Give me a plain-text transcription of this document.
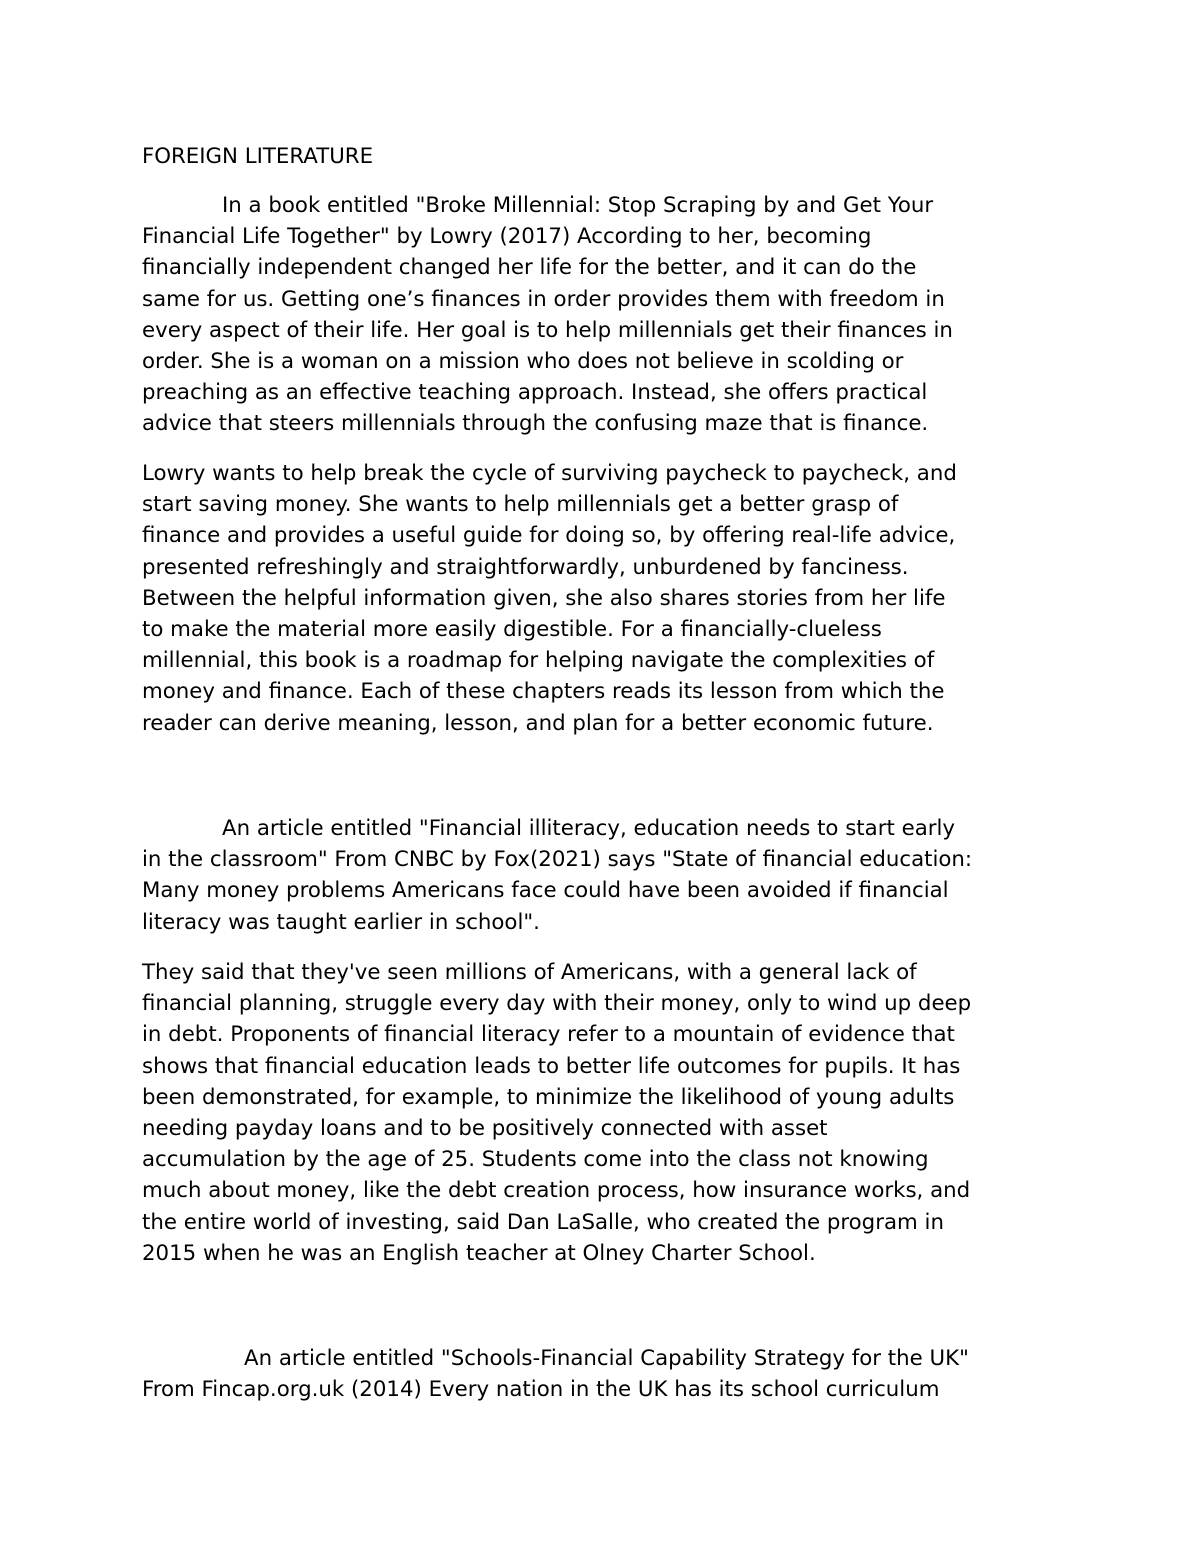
FOREIGN LITERATURE

In a book entitled "Broke Millennial: Stop Scraping by and Get Your
Financial Life Together" by Lowry (2017) According to her, becoming
financially independent changed her life for the better, and it can do the
same for us. Getting one’s finances in order provides them with freedom in
every aspect of their life. Her goal is to help millennials get their finances in
order. She is a woman on a mission who does not believe in scolding or
preaching as an effective teaching approach. Instead, she offers practical
advice that steers millennials through the confusing maze that is finance.

Lowry wants to help break the cycle of surviving paycheck to paycheck, and
start saving money. She wants to help millennials get a better grasp of
finance and provides a useful guide for doing so, by offering real-life advice,
presented refreshingly and straightforwardly, unburdened by fanciness.
Between the helpful information given, she also shares stories from her life
to make the material more easily digestible. For a financially-clueless
millennial, this book is a roadmap for helping navigate the complexities of
money and finance. Each of these chapters reads its lesson from which the
reader can derive meaning, lesson, and plan for a better economic future.

An article entitled "Financial illiteracy, education needs to start early
in the classroom" From CNBC by Fox(2021) says "State of financial education:
Many money problems Americans face could have been avoided if financial
literacy was taught earlier in school".

They said that they've seen millions of Americans, with a general lack of
financial planning, struggle every day with their money, only to wind up deep
in debt. Proponents of financial literacy refer to a mountain of evidence that
shows that financial education leads to better life outcomes for pupils. It has
been demonstrated, for example, to minimize the likelihood of young adults
needing payday loans and to be positively connected with asset
accumulation by the age of 25. Students come into the class not knowing
much about money, like the debt creation process, how insurance works, and
the entire world of investing, said Dan LaSalle, who created the program in
2015 when he was an English teacher at Olney Charter School.

An article entitled "Schools-Financial Capability Strategy for the UK"
From Fincap.org.uk (2014) Every nation in the UK has its school curriculum
